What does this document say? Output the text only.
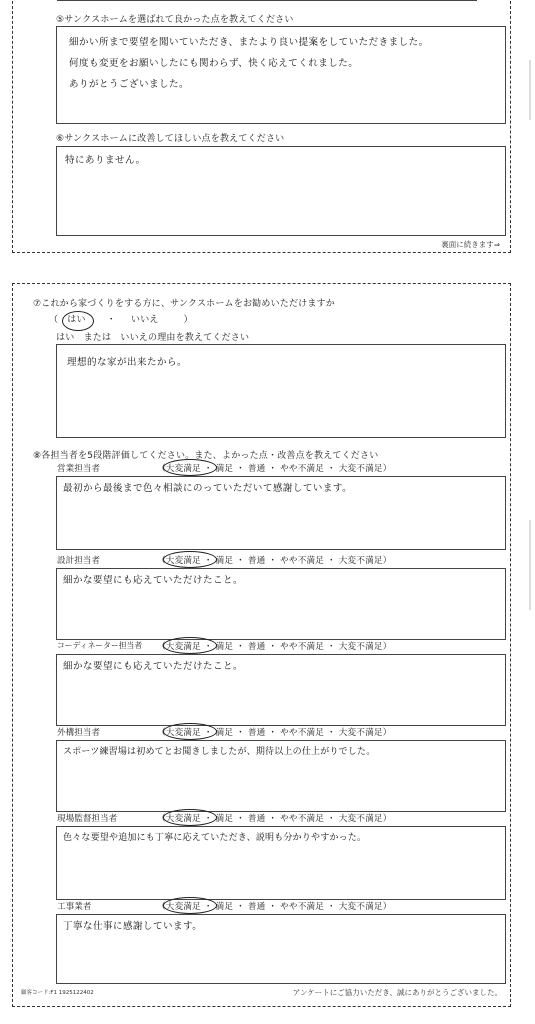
⑤サンクスホームを選ばれて良かった点を教えてください
細かい所まで要望を聞いていただき、またより良い提案をしていただきました。
何度も変更をお願いしたにも関わらず、快く応えてくれました。
ありがとうございました。
⑥サンクスホームに改善してほしい点を教えてください
特にありません。
裏面に続きます⇒
⑦これから家づくりをする方に、サンクスホームをお勧めいただけますか
（ はい ・ いいえ	）
はい　または　いいえの理由を教えてください
理想的な家が出来たから。
⑧各担当者を5段階評価してください。また、よかった点・改善点を教えてください
営業担当者	（大変満足 ・ 満足 ・ 普通 ・ やや不満足 ・ 大変不満足）
最初から最後まで色々相談にのっていただいて感謝しています。
設計担当者	（大変満足 ・ 満足 ・ 普通 ・ やや不満足 ・ 大変不満足）
細かな要望にも応えていただけたこと。
コーディネーター担当者 （大変満足 ・ 満足 ・ 普通 ・ やや不満足 ・ 大変不満足）
細かな要望にも応えていただけたこと。
外構担当者	（大変満足 ・ 満足 ・ 普通 ・ やや不満足 ・ 大変不満足）
スポーツ練習場は初めてとお聞きしましたが、期待以上の仕上がりでした。
現場監督担当者	（大変満足 ・ 満足 ・ 普通 ・ やや不満足 ・ 大変不満足）
色々な要望や追加にも丁寧に応えていただき、説明も分かりやすかった。
工事業者	（大変満足 ・ 満足 ・ 普通 ・ やや不満足 ・ 大変不満足）
丁寧な仕事に感謝しています。
顧客コード:F1 1925122402	アンケートにご協力いただき、誠にありがとうございました。
